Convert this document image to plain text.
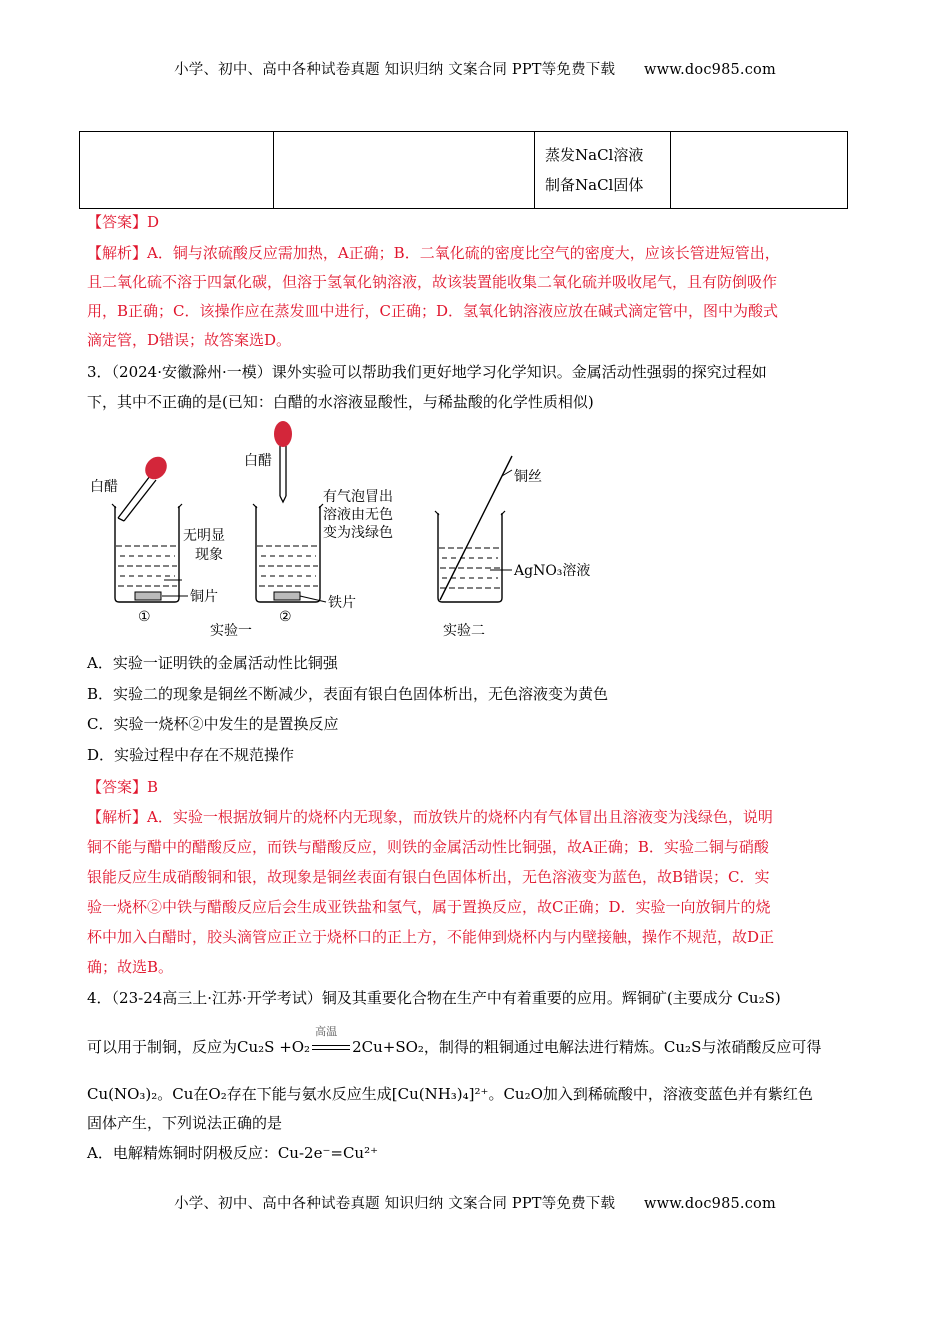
小学、初中、高中各种试卷真题 知识归纳 文案合同 PPT等免费下载 www.doc985.com

蒸发NaCl溶液
制备NaCl固体

【答案】D
【解析】A．铜与浓硫酸反应需加热，A正确；B．二氧化硫的密度比空气的密度大，应该长管进短管出，
且二氧化硫不溶于四氯化碳，但溶于氢氧化钠溶液，故该装置能收集二氧化硫并吸收尾气，且有防倒吸作
用，B正确；C．该操作应在蒸发皿中进行，C正确；D．氢氧化钠溶液应放在碱式滴定管中，图中为酸式
滴定管，D错误；故答案选D。
3．（2024·安徽滁州·一模）课外实验可以帮助我们更好地学习化学知识。金属活动性强弱的探究过程如
下，其中不正确的是(已知：白醋的水溶液显酸性，与稀盐酸的化学性质相似)
白醋
无明显
现象
铜片
①
白醋
有气泡冒出
溶液由无色
变为浅绿色
铁片
②
实验一
铜丝
AgNO₃溶液
实验二
A．实验一证明铁的金属活动性比铜强
B．实验二的现象是铜丝不断减少，表面有银白色固体析出，无色溶液变为黄色
C．实验一烧杯②中发生的是置换反应
D．实验过程中存在不规范操作
【答案】B
【解析】A．实验一根据放铜片的烧杯内无现象，而放铁片的烧杯内有气体冒出且溶液变为浅绿色，说明
铜不能与醋中的醋酸反应，而铁与醋酸反应，则铁的金属活动性比铜强，故A正确；B．实验二铜与硝酸
银能反应生成硝酸铜和银，故现象是铜丝表面有银白色固体析出，无色溶液变为蓝色，故B错误；C．实
验一烧杯②中铁与醋酸反应后会生成亚铁盐和氢气，属于置换反应，故C正确；D．实验一向放铜片的烧
杯中加入白醋时，胶头滴管应正立于烧杯口的正上方，不能伸到烧杯内与内壁接触，操作不规范，故D正
确；故选B。
4．（23-24高三上·江苏·开学考试）铜及其重要化合物在生产中有着重要的应用。辉铜矿(主要成分 Cu₂S)
可以用于制铜，反应为Cu₂S +O₂
高温
2Cu+SO₂，制得的粗铜通过电解法进行精炼。Cu₂S与浓硝酸反应可得
Cu(NO₃)₂。Cu在O₂存在下能与氨水反应生成[Cu(NH₃)₄]²⁺。Cu₂O加入到稀硫酸中，溶液变蓝色并有紫红色
固体产生，下列说法正确的是
A．电解精炼铜时阴极反应：Cu-2e⁻=Cu²⁺
小学、初中、高中各种试卷真题 知识归纳 文案合同 PPT等免费下载 www.doc985.com
